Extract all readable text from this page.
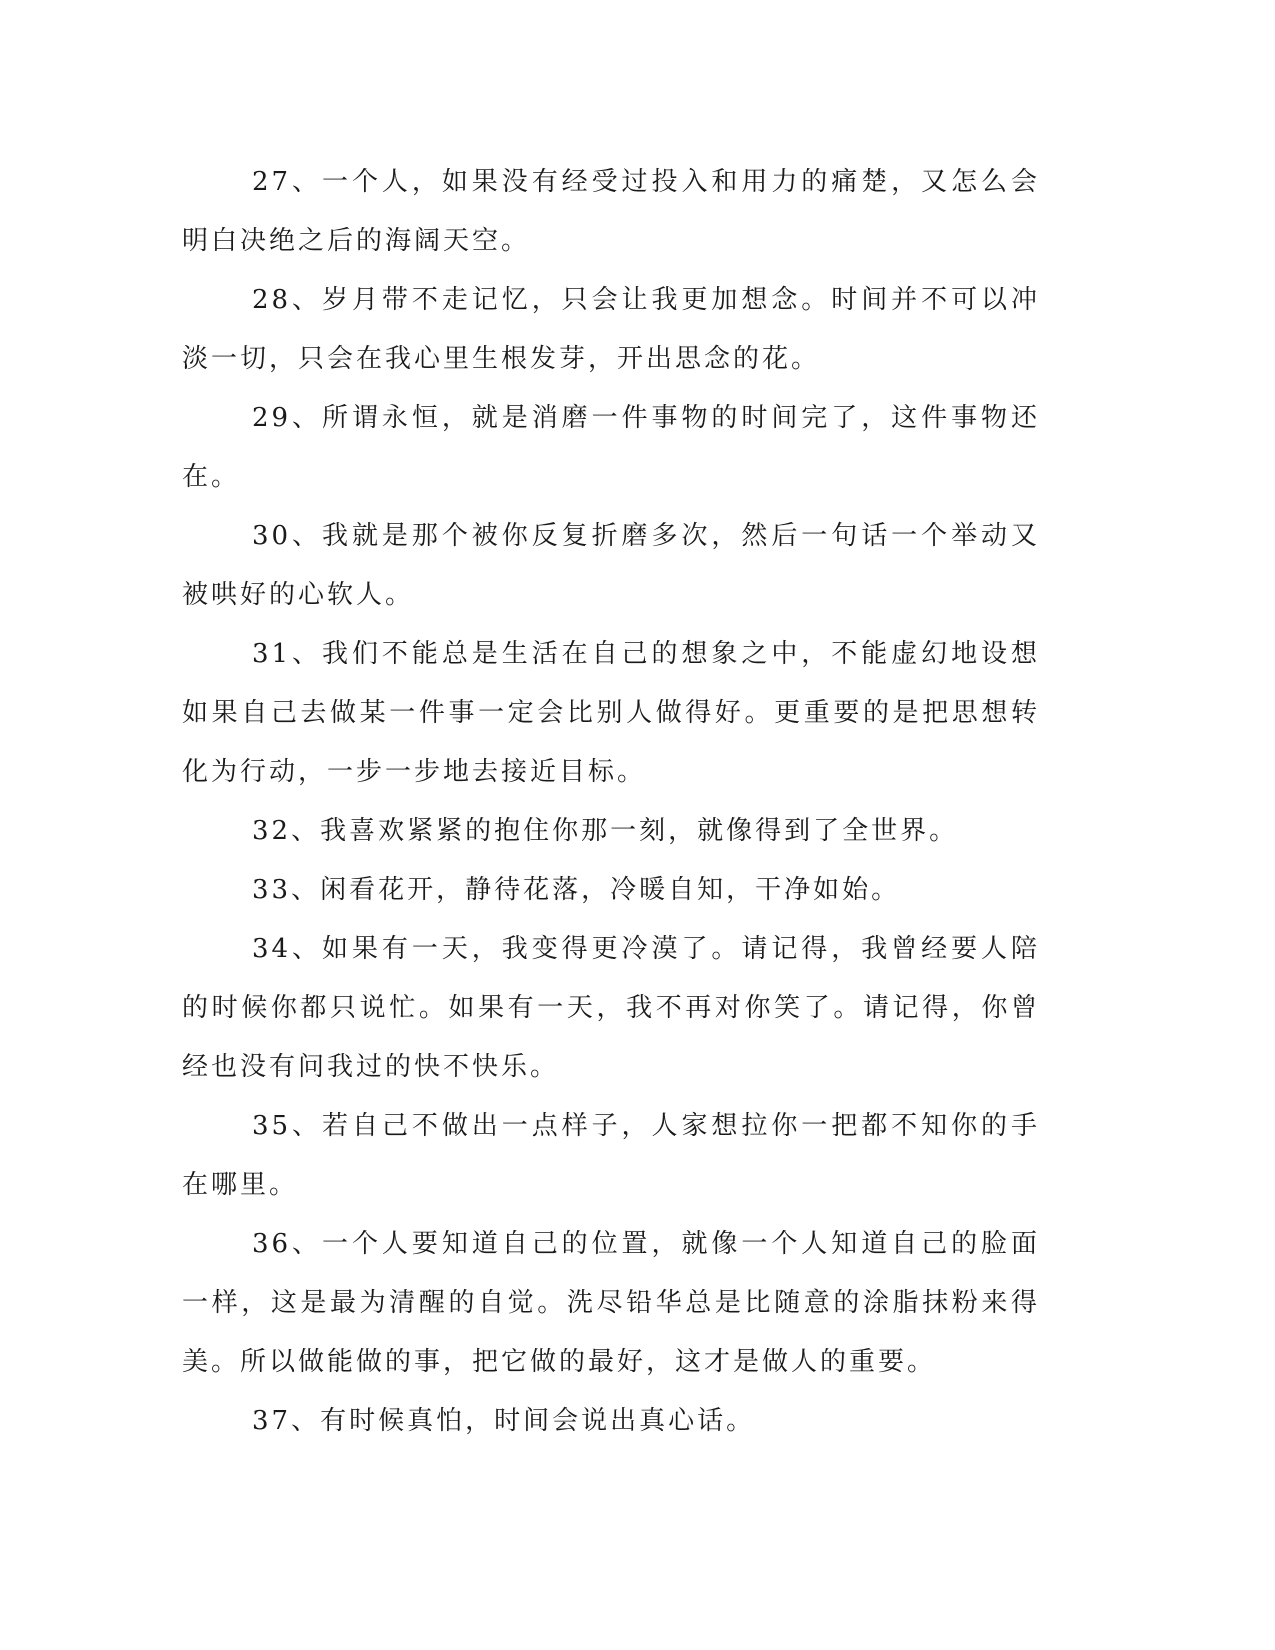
27、一个人，如果没有经受过投入和用力的痛楚，又怎么会明白决绝之后的海阔天空。

28、岁月带不走记忆，只会让我更加想念。时间并不可以冲淡一切，只会在我心里生根发芽，开出思念的花。

29、所谓永恒，就是消磨一件事物的时间完了，这件事物还在。

30、我就是那个被你反复折磨多次，然后一句话一个举动又被哄好的心软人。

31、我们不能总是生活在自己的想象之中，不能虚幻地设想如果自己去做某一件事一定会比别人做得好。更重要的是把思想转化为行动，一步一步地去接近目标。

32、我喜欢紧紧的抱住你那一刻，就像得到了全世界。

33、闲看花开，静待花落，冷暖自知，干净如始。

34、如果有一天，我变得更冷漠了。请记得，我曾经要人陪的时候你都只说忙。如果有一天，我不再对你笑了。请记得，你曾经也没有问我过的快不快乐。

35、若自己不做出一点样子，人家想拉你一把都不知你的手在哪里。

36、一个人要知道自己的位置，就像一个人知道自己的脸面一样，这是最为清醒的自觉。洗尽铅华总是比随意的涂脂抹粉来得美。所以做能做的事，把它做的最好，这才是做人的重要。

37、有时候真怕，时间会说出真心话。
